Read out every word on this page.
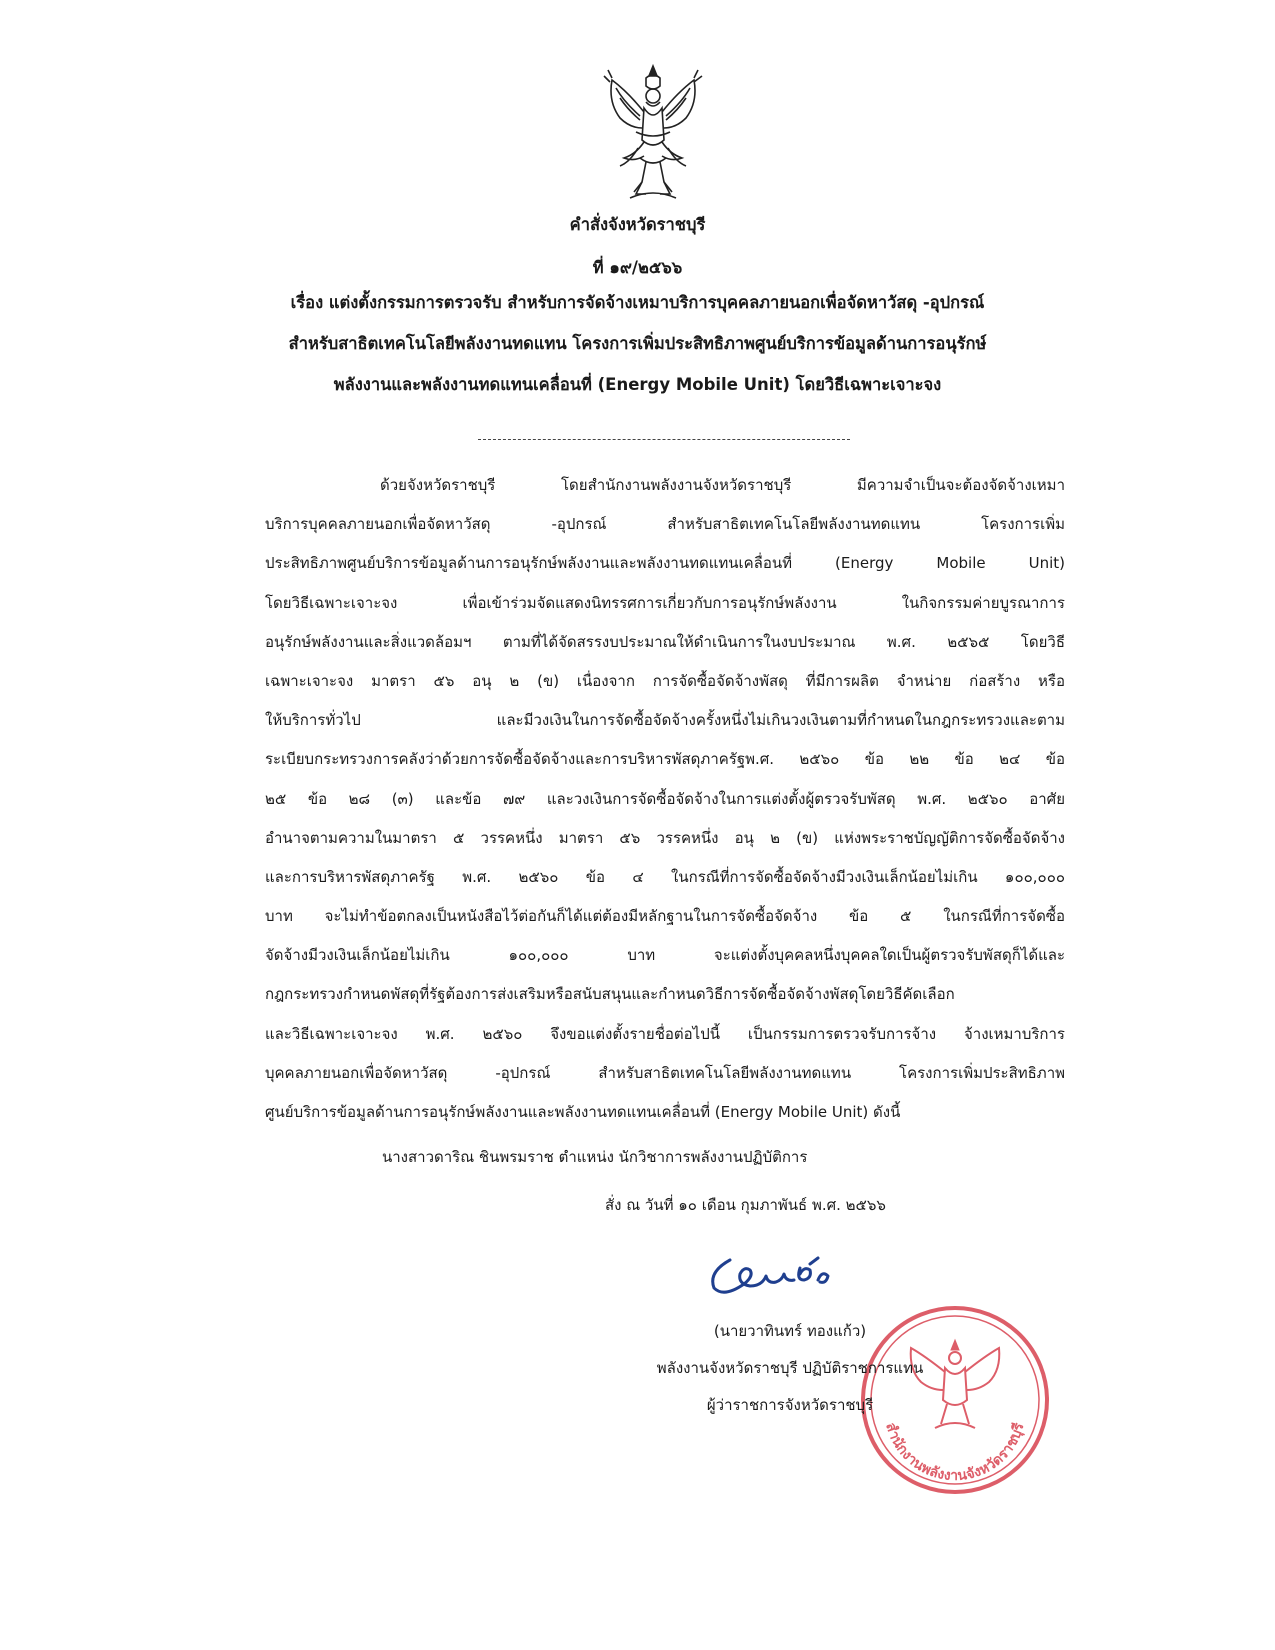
คำสั่งจังหวัดราชบุรี
ที่ ๑๙/๒๕๖๖
เรื่อง แต่งตั้งกรรมการตรวจรับ สำหรับการจัดจ้างเหมาบริการบุคคลภายนอกเพื่อจัดหาวัสดุ -อุปกรณ์
สำหรับสาธิตเทคโนโลยีพลังงานทดแทน โครงการเพิ่มประสิทธิภาพศูนย์บริการข้อมูลด้านการอนุรักษ์
พลังงานและพลังงานทดแทนเคลื่อนที่ (Energy Mobile Unit) โดยวิธีเฉพาะเจาะจง
ด้วยจังหวัดราชบุรี โดยสำนักงานพลังงานจังหวัดราชบุรี มีความจำเป็นจะต้องจัดจ้างเหมา
บริการบุคคลภายนอกเพื่อจัดหาวัสดุ -อุปกรณ์ สำหรับสาธิตเทคโนโลยีพลังงานทดแทน โครงการเพิ่ม
ประสิทธิภาพศูนย์บริการข้อมูลด้านการอนุรักษ์พลังงานและพลังงานทดแทนเคลื่อนที่ (Energy Mobile Unit)
โดยวิธีเฉพาะเจาะจง เพื่อเข้าร่วมจัดแสดงนิทรรศการเกี่ยวกับการอนุรักษ์พลังงาน ในกิจกรรมค่ายบูรณาการ
อนุรักษ์พลังงานและสิ่งแวดล้อมฯ ตามที่ได้จัดสรรงบประมาณให้ดำเนินการในงบประมาณ พ.ศ. ๒๕๖๕ โดยวิธี
เฉพาะเจาะจง มาตรา ๕๖ อนุ ๒ (ข) เนื่องจาก การจัดซื้อจัดจ้างพัสดุ ที่มีการผลิต จำหน่าย ก่อสร้าง หรือ
ให้บริการทั่วไป และมีวงเงินในการจัดซื้อจัดจ้างครั้งหนึ่งไม่เกินวงเงินตามที่กำหนดในกฎกระทรวงและตาม
ระเบียบกระทรวงการคลังว่าด้วยการจัดซื้อจัดจ้างและการบริหารพัสดุภาครัฐพ.ศ. ๒๕๖๐ ข้อ ๒๒ ข้อ ๒๔ ข้อ
๒๕ ข้อ ๒๘ (๓) และข้อ ๗๙ และวงเงินการจัดซื้อจัดจ้างในการแต่งตั้งผู้ตรวจรับพัสดุ พ.ศ. ๒๕๖๐ อาศัย
อำนาจตามความในมาตรา ๕ วรรคหนึ่ง มาตรา ๕๖ วรรคหนึ่ง อนุ ๒ (ข) แห่งพระราชบัญญัติการจัดซื้อจัดจ้าง
และการบริหารพัสดุภาครัฐ พ.ศ. ๒๕๖๐ ข้อ ๔ ในกรณีที่การจัดซื้อจัดจ้างมีวงเงินเล็กน้อยไม่เกิน ๑๐๐,๐๐๐
บาท จะไม่ทำข้อตกลงเป็นหนังสือไว้ต่อกันก็ได้แต่ต้องมีหลักฐานในการจัดซื้อจัดจ้าง ข้อ ๕ ในกรณีที่การจัดซื้อ
จัดจ้างมีวงเงินเล็กน้อยไม่เกิน ๑๐๐,๐๐๐ บาท จะแต่งตั้งบุคคลหนึ่งบุคคลใดเป็นผู้ตรวจรับพัสดุก็ได้และ
กฎกระทรวงกำหนดพัสดุที่รัฐต้องการส่งเสริมหรือสนับสนุนและกำหนดวิธีการจัดซื้อจัดจ้างพัสดุโดยวิธีคัดเลือก
และวิธีเฉพาะเจาะจง พ.ศ. ๒๕๖๐ จึงขอแต่งตั้งรายชื่อต่อไปนี้ เป็นกรรมการตรวจรับการจ้าง จ้างเหมาบริการ
บุคคลภายนอกเพื่อจัดหาวัสดุ -อุปกรณ์ สำหรับสาธิตเทคโนโลยีพลังงานทดแทน โครงการเพิ่มประสิทธิภาพ
ศูนย์บริการข้อมูลด้านการอนุรักษ์พลังงานและพลังงานทดแทนเคลื่อนที่ (Energy Mobile Unit) ดังนี้
นางสาวดาริณ ชินพรมราช ตำแหน่ง นักวิชาการพลังงานปฏิบัติการ
สั่ง ณ วันที่ ๑๐ เดือน กุมภาพันธ์ พ.ศ. ๒๕๖๖
สำนักงานพลังงานจังหวัดราชบุรี
(นายวาทินทร์ ทองแก้ว)
พลังงานจังหวัดราชบุรี ปฏิบัติราชการแทน
ผู้ว่าราชการจังหวัดราชบุรี
